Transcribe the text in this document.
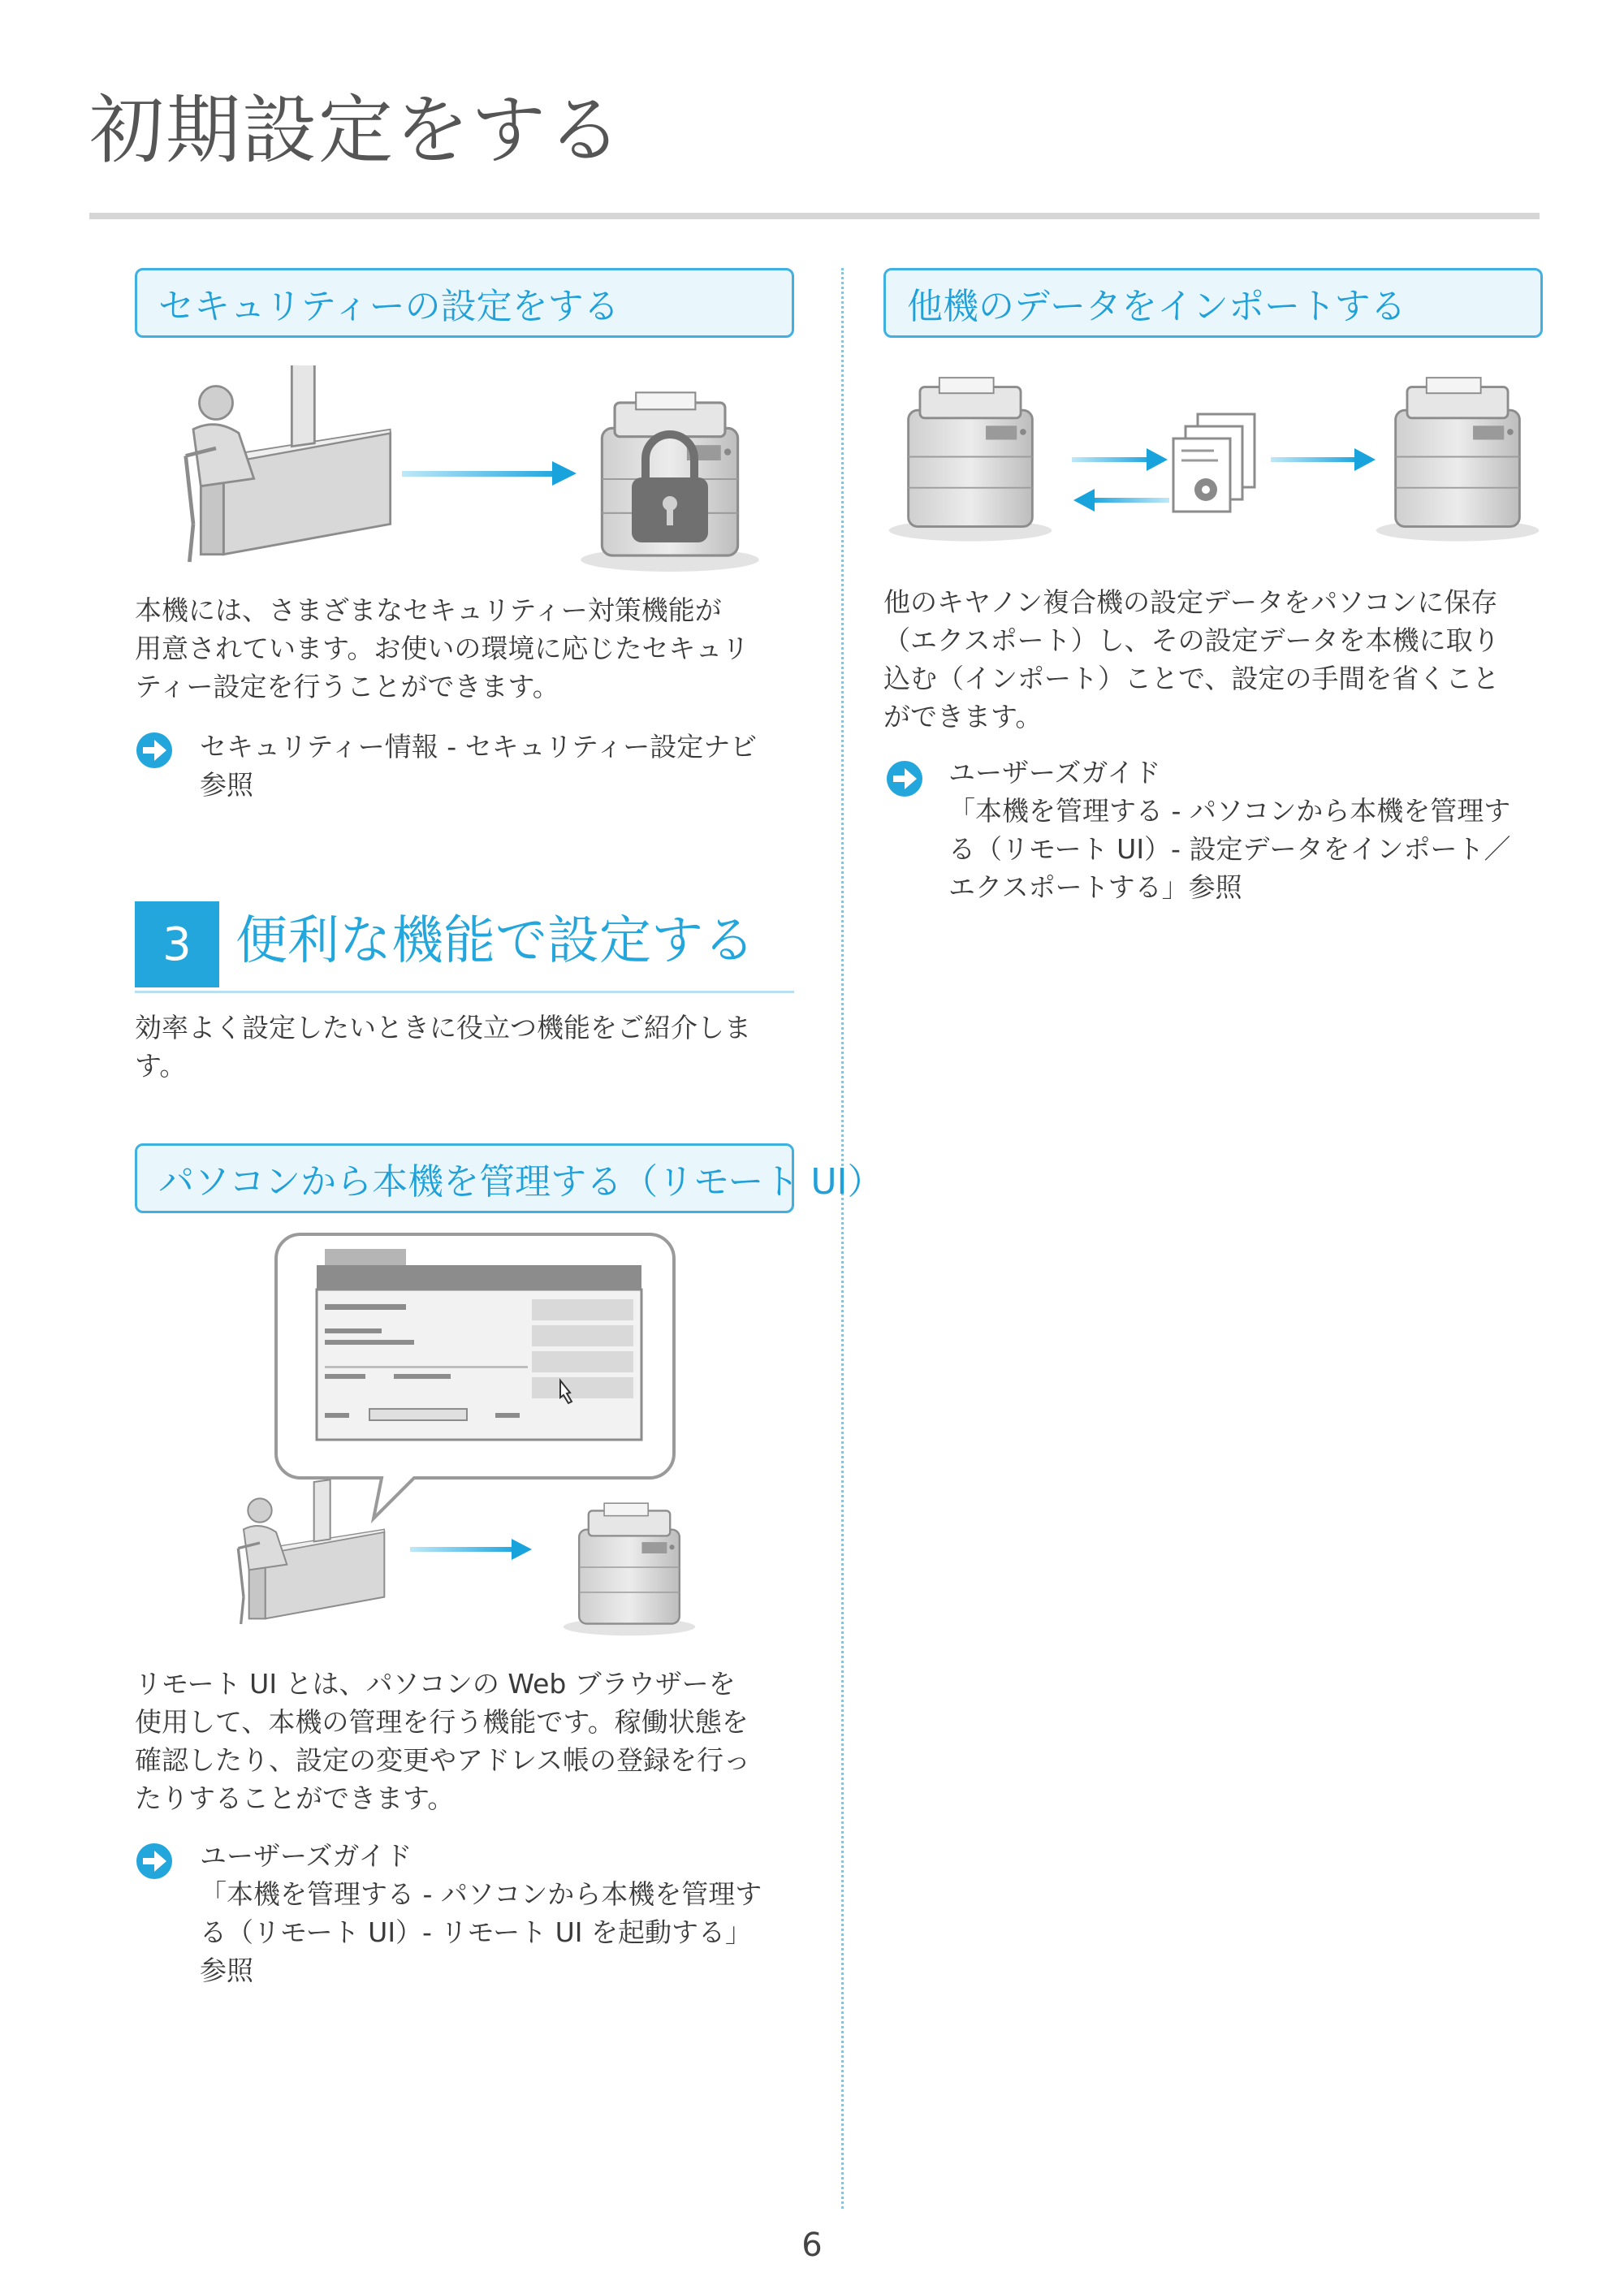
初期設定をする
セキュリティーの設定をする
本機には、さまざまなセキュリティー対策機能が
用意されています。お使いの環境に応じたセキュリ
ティー設定を行うことができます。
セキュリティー情報 - セキュリティー設定ナビ
参照
3 便利な機能で設定する
効率よく設定したいときに役立つ機能をご紹介しま
す。
パソコンから本機を管理する（リモート UI）
リモート UI とは、パソコンの Web ブラウザーを
使用して、本機の管理を行う機能です。稼働状態を
確認したり、設定の変更やアドレス帳の登録を行っ
たりすることができます。
ユーザーズガイド
「本機を管理する - パソコンから本機を管理す
る（リモート UI）- リモート UI を起動する」
参照
他機のデータをインポートする
他のキヤノン複合機の設定データをパソコンに保存
（エクスポート）し、その設定データを本機に取り
込む（インポート）ことで、設定の手間を省くこと
ができます。
ユーザーズガイド
「本機を管理する - パソコンから本機を管理す
る（リモート UI）- 設定データをインポート／
エクスポートする」参照
6
